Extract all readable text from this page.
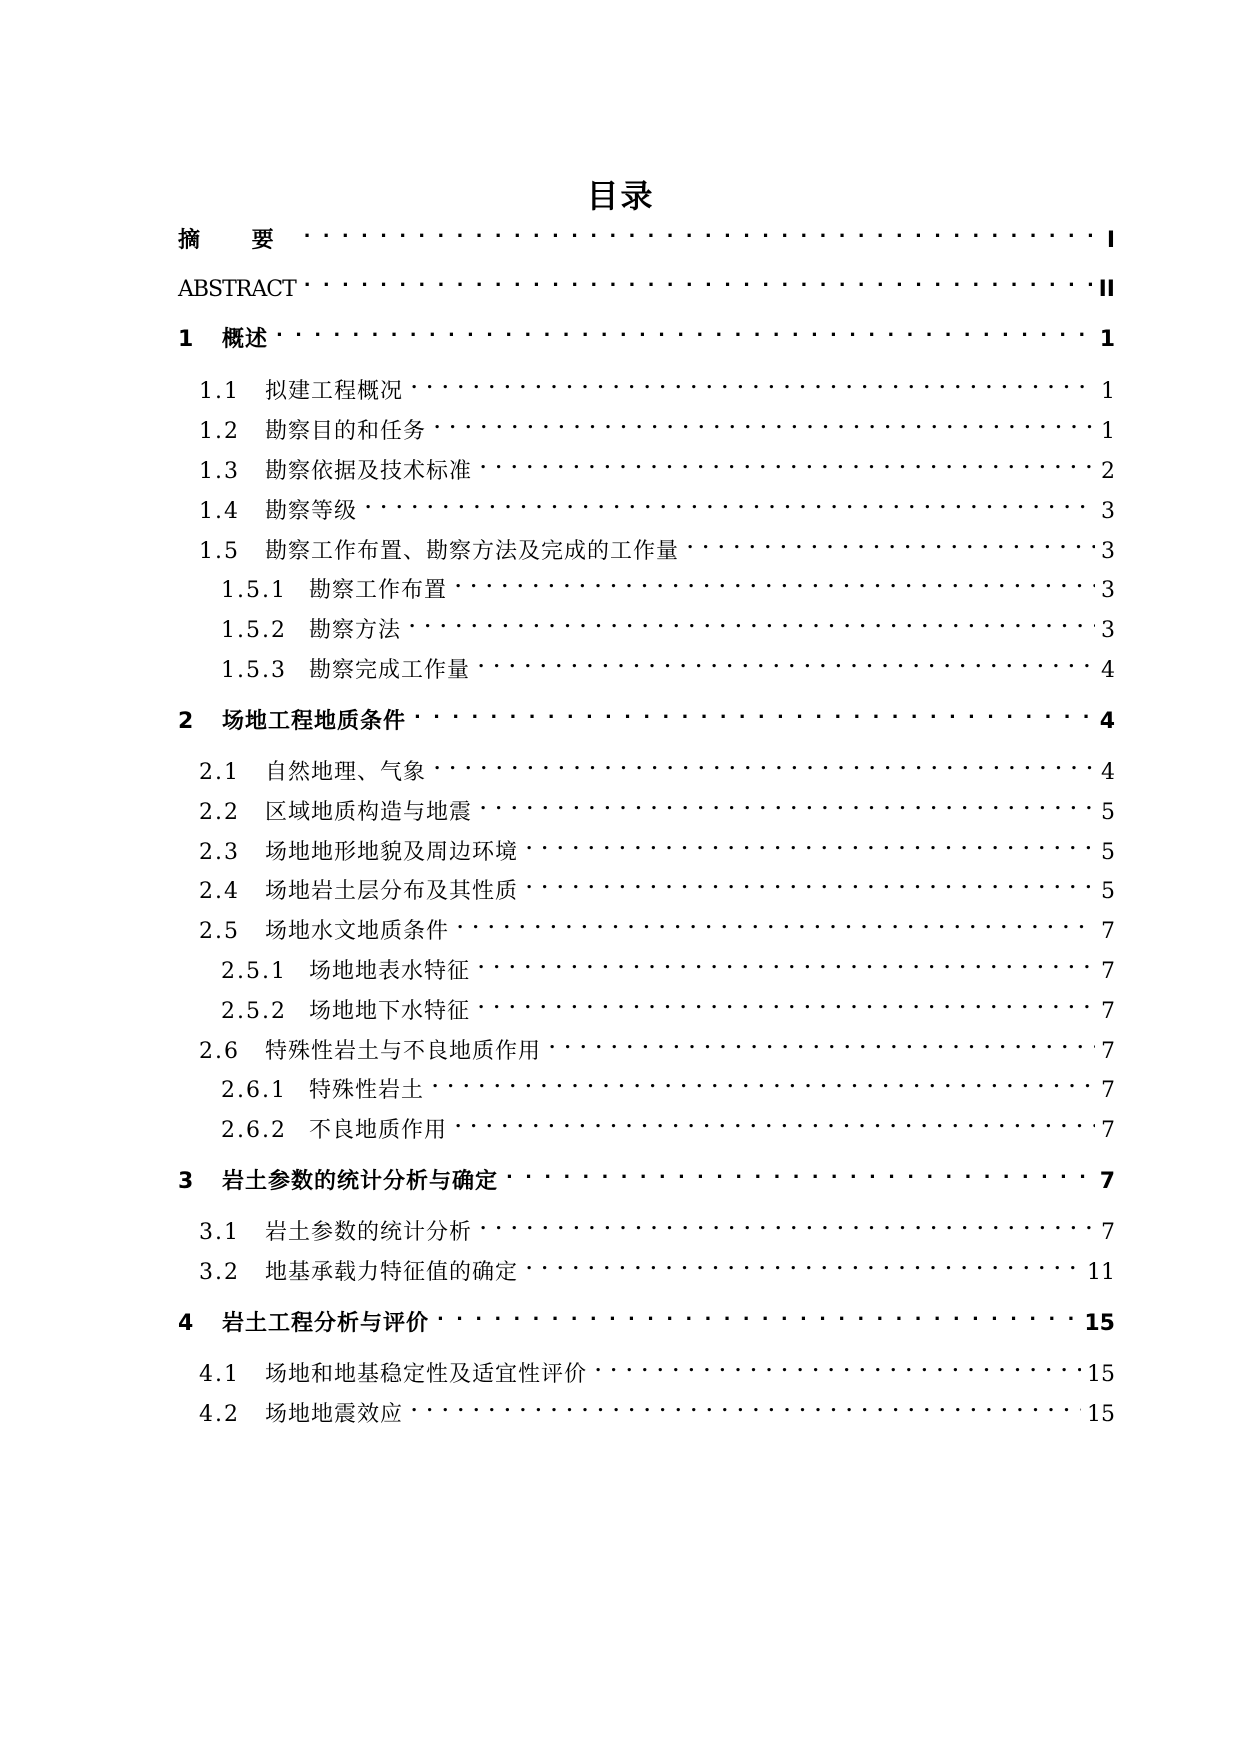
目录
摘 要 . . .	I
ABSTRACT . . .	II
1	概述 . . .	1
1.1	拟建工程概况 . . .	1
1.2	勘察目的和任务 . . .	1
1.3	勘察依据及技术标准 . . .	2
1.4	勘察等级 . . .	3
1.5	勘察工作布置、勘察方法及完成的工作量 . . .	3
1.5.1	勘察工作布置 . . .	3
1.5.2	勘察方法 . . .	3
1.5.3	勘察完成工作量 . . .	4
2	场地工程地质条件 . . .	4
2.1	自然地理、气象 . . .	4
2.2	区域地质构造与地震 . . .	5
2.3	场地地形地貌及周边环境 . . .	5
2.4	场地岩土层分布及其性质 . . .	5
2.5	场地水文地质条件 . . .	7
2.5.1	场地地表水特征 . . .	7
2.5.2	场地地下水特征 . . .	7
2.6	特殊性岩土与不良地质作用 . . .	7
2.6.1	特殊性岩土 . . .	7
2.6.2	不良地质作用 . . .	7
3	岩土参数的统计分析与确定 . . .	7
3.1	岩土参数的统计分析 . . .	7
3.2	地基承载力特征值的确定 . . .	11
4	岩土工程分析与评价 . . .	15
4.1	场地和地基稳定性及适宜性评价 . . .	15
4.2	场地地震效应 . . .	15
